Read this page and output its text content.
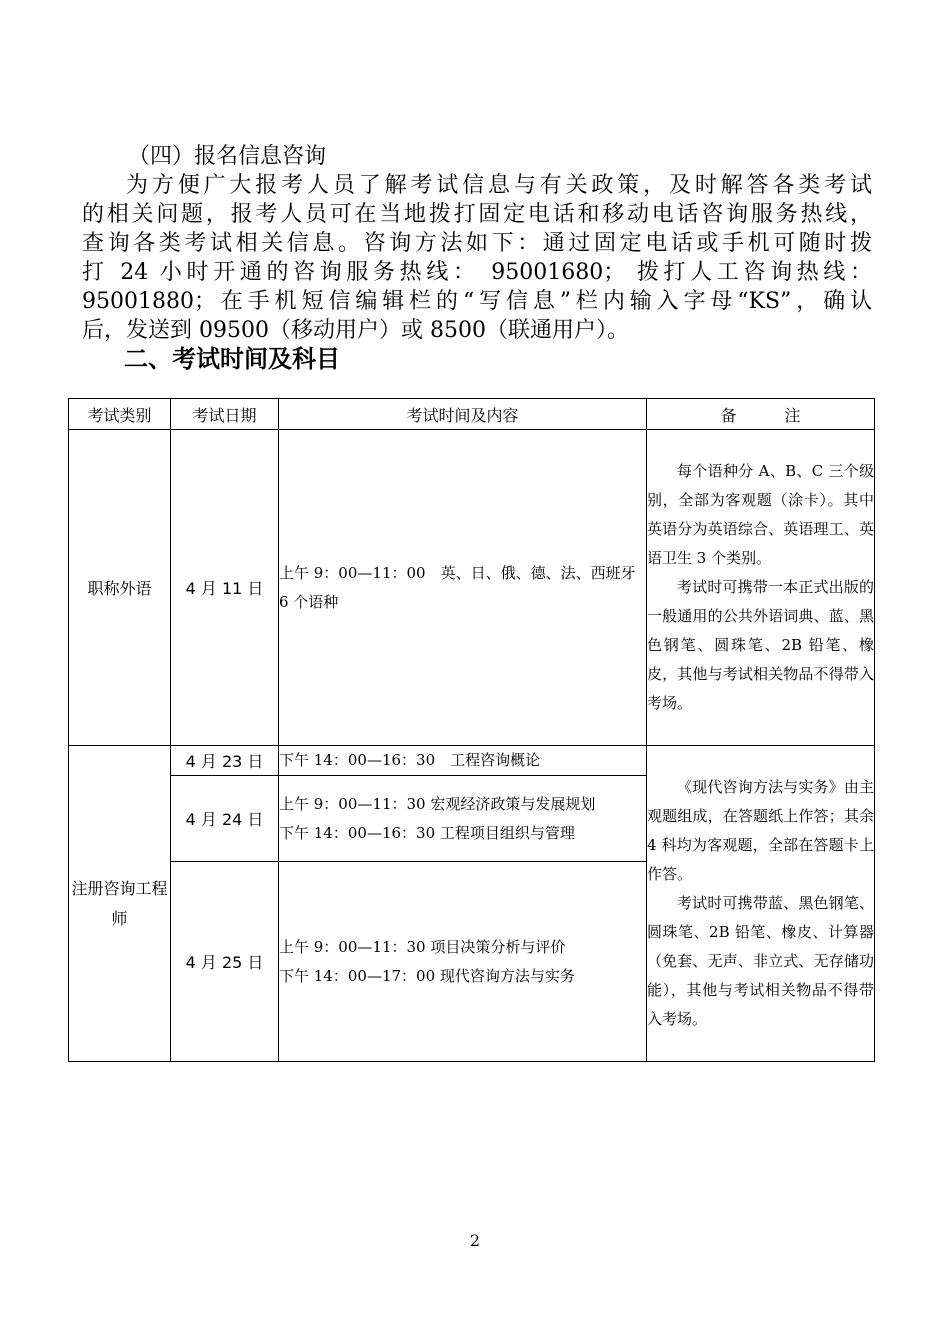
（四）报名信息咨询
为方便广大报考人员了解考试信息与有关政策，及时解答各类考试
的相关问题，报考人员可在当地拨打固定电话和移动电话咨询服务热线，
查询各类考试相关信息。咨询方法如下：通过固定电话或手机可随时拨
打 24 小时开通的咨询服务热线： 95001680； 拨打人工咨询热线：
95001880；在手机短信编辑栏的“写信息”栏内输入字母“KS”，确认
后，发送到 09500（移动用户）或 8500（联通用户）。
二、考试时间及科目
考试类别	考试日期	考试时间及内容	备　　　注
职称外语	4 月 11 日	上午 9：00—11：00　英、日、俄、德、法、西班牙 6 个语种	每个语种分 A、B、C 三个级别，全部为客观题（涂卡）。其中英语分为英语综合、英语理工、英语卫生 3 个类别。

考试时可携带一本正式出版的一般通用的公共外语词典、蓝、黑色钢笔、圆珠笔、2B 铅笔、橡皮，其他与考试相关物品不得带入考场。

注册咨询工程师	4 月 23 日	下午 14：00—16：30　工程咨询概论	《现代咨询方法与实务》由主观题组成，在答题纸上作答；其余 4 科均为客观题，全部在答题卡上作答。

考试时可携带蓝、黑色钢笔、圆珠笔、2B 铅笔、橡皮、计算器（免套、无声、非立式、无存储功能），其他与考试相关物品不得带入考场。

	4 月 24 日	上午 9：00—11：30 宏观经济政策与发展规划
下午 14：00—16：30 工程项目组织与管理	

	4 月 25 日	上午 9：00—11：30 项目决策分析与评价
下午 14：00—17：00 现代咨询方法与实务	
2
